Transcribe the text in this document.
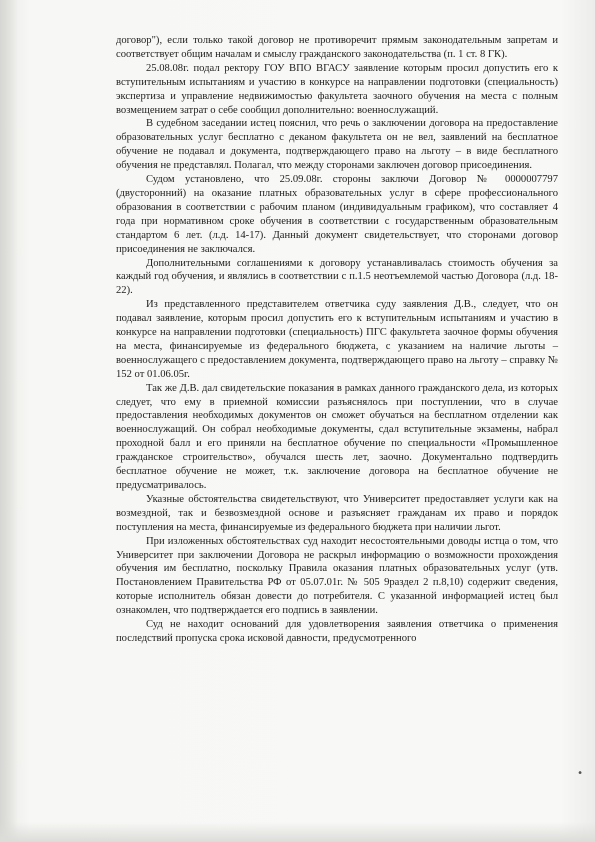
договор"), если только такой договор не противоречит прямым законодательным запретам и соответствует общим началам и смыслу гражданского законодательства (п. 1 ст. 8 ГК).

25.08.08г. подал ректору ГОУ ВПО ВГАСУ заявление которым просил допустить его к вступительным испытаниям и участию в конкурсе на направлении подготовки (специальность) экспертиза и управление недвижимостью факультета заочного обучения на места с полным возмещением затрат о себе сообщил дополнительно: военнослужащий.

В судебном заседании истец пояснил, что речь о заключении договора на предоставление образовательных услуг бесплатно с деканом факультета он не вел, заявлений на бесплатное обучение не подавал и документа, подтверждающего право на льготу – в виде бесплатного обучения не представлял. Полагал, что между сторонами заключен договор присоединения.

Судом установлено, что 25.09.08г. стороны заключи Договор № 0000007797 (двусторонний) на оказание платных образовательных услуг в сфере профессионального образования в соответствии с рабочим планом (индивидуальным графиком), что составляет 4 года при нормативном сроке обучения в соответствии с государственным образовательным стандартом 6 лет. (л.д. 14-17). Данный документ свидетельствует, что сторонами договор присоединения не заключался.

Дополнительными соглашениями к договору устанавливалась стоимость обучения за каждый год обучения, и являлись в соответствии с п.1.5 неотъемлемой частью Договора (л.д. 18-22).

Из представленного представителем ответчика суду заявления Д.В., следует, что он подавал заявление, которым просил допустить его к вступительным испытаниям и участию в конкурсе на направлении подготовки (специальность) ПГС факультета заочное формы обучения на места, финансируемые из федерального бюджета, с указанием на наличие льготы – военнослужащего с предоставлением документа, подтверждающего право на льготу – справку № 152 от 01.06.05г.

Так же Д.В. дал свидетельские показания в рамках данного гражданского дела, из которых следует, что ему в приемной комиссии разъяснялось при поступлении, что в случае предоставления необходимых документов он сможет обучаться на бесплатном отделении как военнослужащий. Он собрал необходимые документы, сдал вступительные экзамены, набрал проходной балл и его приняли на бесплатное обучение по специальности «Промышленное гражданское строительство», обучался шесть лет, заочно. Документально подтвердить бесплатное обучение не может, т.к. заключение договора на бесплатное обучение не предусматривалось.

Указные обстоятельства свидетельствуют, что Университет предоставляет услуги как на возмездной, так и безвозмездной основе и разъясняет гражданам их право и порядок поступления на места, финансируемые из федерального бюджета при наличии льгот.

При изложенных обстоятельствах суд находит несостоятельными доводы истца о том, что Университет при заключении Договора не раскрыл информацию о возможности прохождения обучения им бесплатно, поскольку Правила оказания платных образовательных услуг (утв. Постановлением Правительства РФ от 05.07.01г. № 505 9раздел 2 п.8,10) содержит сведения, которые исполнитель обязан довести до потребителя. С указанной информацией истец был ознакомлен, что подтверждается его подпись в заявлении.

Суд не находит оснований для удовлетворения заявления ответчика о применения последствий пропуска срока исковой давности, предусмотренного

•
